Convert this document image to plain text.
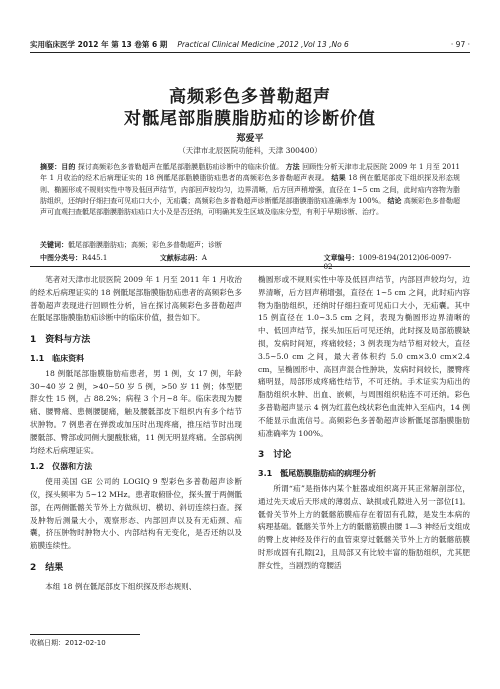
实用临床医学 2012 年 第 13 卷第 6 期 Practical Clinical Medicine ,2012 ,Vol 13 ,No 6	· 97 ·
高频彩色多普勒超声
对骶尾部脂膜脂肪疝的诊断价值
郑爱平
（天津市北辰医院功能科，天津 300400）
摘要：目的 探讨高频彩色多普勒超声在骶尾部脂膜脂肪疝诊断中的临床价值。 方法 回顾性分析天津市北辰医院 2009 年 1 月至 2011 年 1 月收治的经术后病理证实的 18 例骶尾部脂膜脂肪疝患者的高频彩色多普勒超声表现。 结果 18 例在骶尾部皮下组织探及形态规则、椭圆形或不规则实性中等及低回声结节，内部回声较均匀，边界清晰，后方回声稍增强，直径在 1~5 cm 之间，此时疝内容物为脂肪组织，还纳时仔细扫查可见疝口大小，无疝囊；高频彩色多普勒超声诊断骶尾部脂膜脂肪疝准确率为 100%。 结论 高频彩色多普勒超声可直观扫查骶尾部脂膜脂肪疝疝口大小及是否还纳，可明确其发生区域及临床分型，有利于早期诊断、治疗。
关键词：骶尾部脂膜脂肪疝；高频；彩色多普勒超声；诊断
中图分类号：R445.1	文献标志码：A	文章编号：1009-8194(2012)06-0097-02

笔者对天津市北辰医院 2009 年 1 月至 2011 年 1 月收治的经术后病理证实的 18 例骶尾部脂膜脂肪疝患者的高频彩色多普勒超声表现进行回顾性分析，旨在探讨高频彩色多普勒超声在骶尾部脂膜脂肪疝诊断中的临床价值，报告如下。

1　资料与方法
1.1　临床资料

18 例骶尾部脂膜脂肪疝患者，男 1 例，女 17 例，年龄 30~40 岁 2 例，>40~50 岁 5 例，>50 岁 11 例；体型肥胖女性 15 例，占 88.2%；病程 3 个月~8 年。临床表现为腰痛、腰臀痛、患侧腰腿痛，触及腰骶部皮下组织内有多个结节状肿物。7 例患者在弹拨或加压时出现疼痛，推压结节时出现腰骶部、臀部或同侧大腿酸胀痛，11 例无明显疼痛。全部病例均经术后病理证实。

1.2　仪器和方法

使用美国 GE 公司的 LOGIQ 9 型彩色多普勒超声诊断仪，探头频率为 5~12 MHz。患者取俯卧位，探头置于两侧骶部，在两侧骶髂关节外上方做纵切、横切、斜切连续扫查。探及肿物后测量大小，观察形态、内部回声以及有无疝颈、疝囊，挤压肿物时肿物大小、内部结构有无变化，是否还纳以及筋膜连续性。

2　结果

本组 18 例在骶尾部皮下组织探及形态规则、

椭圆形或不规则实性中等及低回声结节，内部回声较均匀，边界清晰，后方回声稍增强，直径在 1~5 cm 之间，此时疝内容物为脂肪组织，还纳时仔细扫查可见疝口大小，无疝囊。其中 15 例直径在 1.0~3.5 cm 之间，表现为椭圆形边界清晰的中、低回声结节，探头加压后可见还纳，此时探及局部筋膜缺损，发病时间短，疼痛较轻；3 例表现为结节相对较大，直径 3.5~5.0 cm 之间，最大者体积约 5.0 cm×3.0 cm×2.4 cm，呈椭圆形中、高回声混合性肿块，发病时间较长，腰臀疼痛明显，局部形成疼痛性结节，不可还纳。手术证实为疝出的脂肪组织水肿、出血、嵌顿，与周围组织粘连不可还纳。彩色多普勒超声显示 4 例为红蓝色线状彩色血流伸入至疝内，14 例不能显示血流信号。高频彩色多普勒超声诊断骶尾部脂膜脂肪疝准确率为 100%。

3　讨论
3.1　骶尾筋膜脂肪疝的病理分析

所谓“疝”是指体内某个脏器或组织离开其正常解剖部位，通过先天或后天形成的薄弱点、缺损或孔隙进入另一部位[1]。骶骨关节外上方的骶髂筋膜疝存在着固有孔隙，是发生本病的病理基础。骶髂关节外上方的骶髂筋膜由腰 1—3 神经后支组成的臀上皮神经及伴行的血管束穿过骶髂关节外上方的骶髂筋膜时形成固有孔隙[2]，且局部又有比较丰富的脂肪组织，尤其肥胖女性，当剧烈的弯腰活

收稿日期：2012-02-10
